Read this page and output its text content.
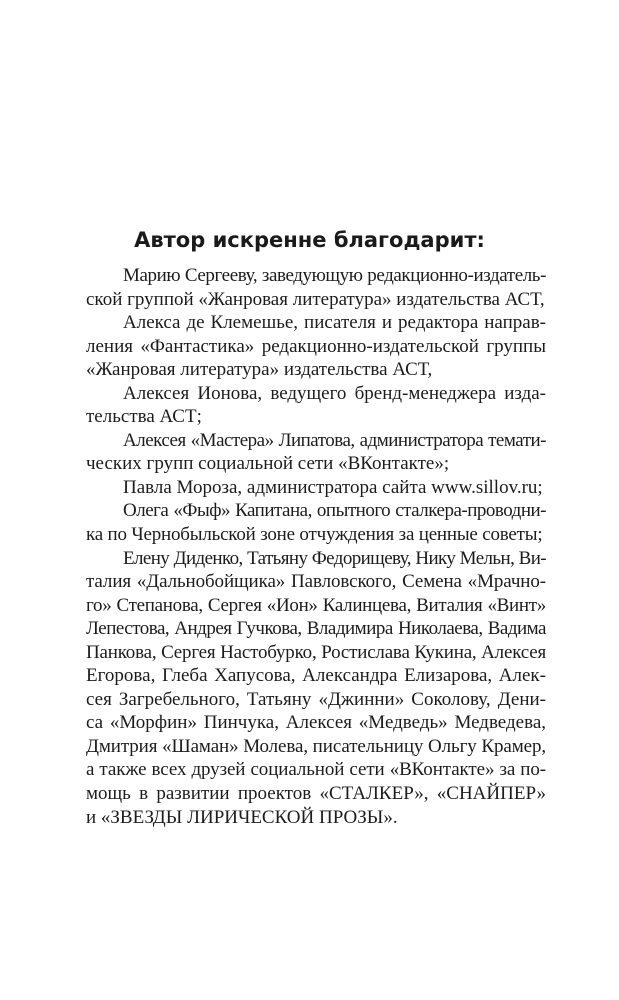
Автор искренне благодарит:
Марию Сергееву, заведующую редакционно-издатель-
ской группой «Жанровая литература» издательства АСТ,
Алекса де Клемешье, писателя и редактора направ-
ления «Фантастика» редакционно-издательской группы
«Жанровая литература» издательства АСТ,
Алексея Ионова, ведущего бренд-менеджера изда-
тельства АСТ;
Алексея «Мастера» Липатова, администратора темати-
ческих групп социальной сети «ВКонтакте»;
Павла Мороза, администратора сайта www.sillov.ru;
Олега «Фыф» Капитана, опытного сталкера-проводни-
ка по Чернобыльской зоне отчуждения за ценные советы;
Елену Диденко, Татьяну Федорищеву, Нику Мельн, Ви-
талия «Дальнобойщика» Павловского, Семена «Мрачно-
го» Степанова, Сергея «Ион» Калинцева, Виталия «Винт»
Лепестова, Андрея Гучкова, Владимира Николаева, Вадима
Панкова, Сергея Настобурко, Ростислава Кукина, Алексея
Егорова, Глеба Хапусова, Александра Елизарова, Алек-
сея Загребельного, Татьяну «Джинни» Соколову, Дени-
са «Морфин» Пинчука, Алексея «Медведь» Медведева,
Дмитрия «Шаман» Молева, писательницу Ольгу Крамер,
а также всех друзей социальной сети «ВКонтакте» за по-
мощь в развитии проектов «СТАЛКЕР», «СНАЙПЕР»
и «ЗВЕЗДЫ ЛИРИЧЕСКОЙ ПРОЗЫ».
